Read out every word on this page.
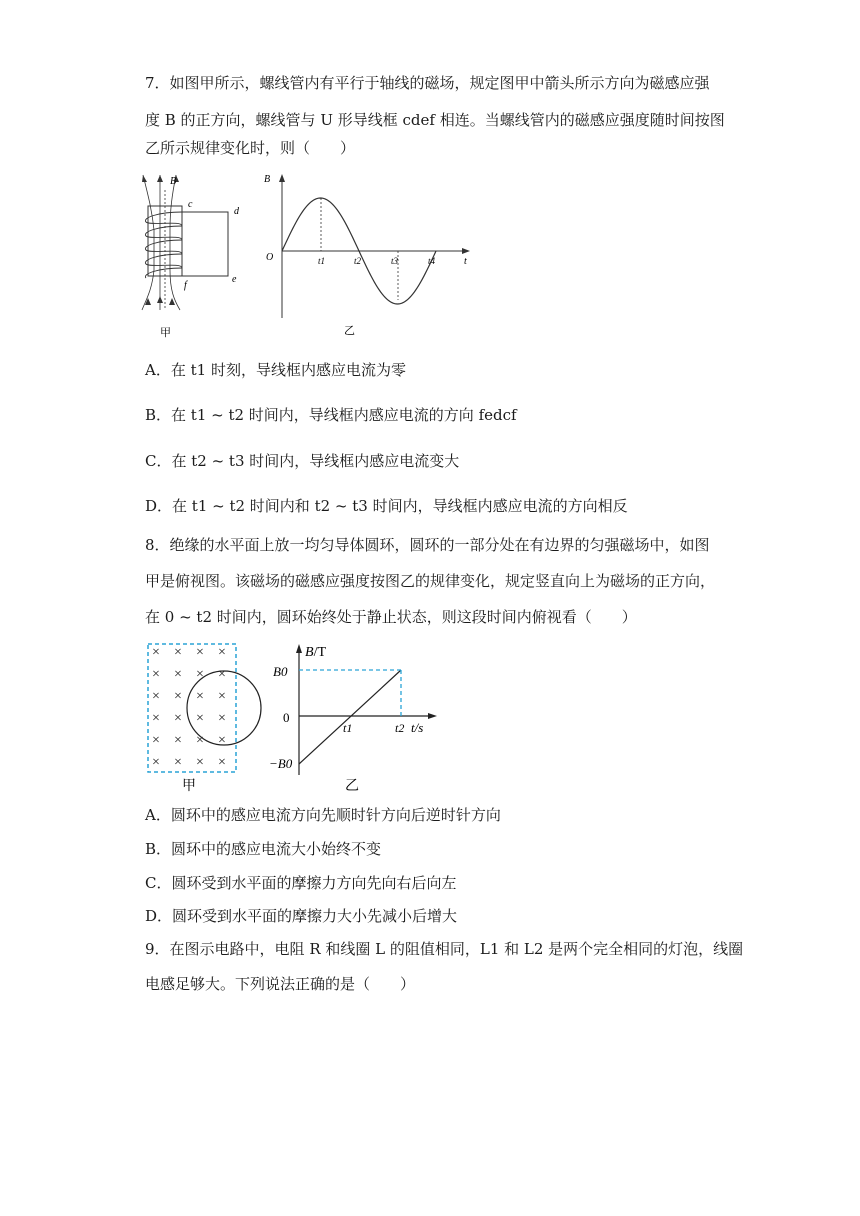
7．如图甲所示，螺线管内有平行于轴线的磁场，规定图甲中箭头所示方向为磁感应强
度 B 的正方向，螺线管与 U 形导线框 cdef 相连。当螺线管内的磁感应强度随时间按图
乙所示规律变化时，则（　　）
B
c
d
e
f
甲
B
t
O	t1	t2	t3	t4
乙
A．在 t1 时刻，导线框内感应电流为零
B．在 t1 ~ t2 时间内，导线框内感应电流的方向 fedcf
C．在 t2 ~ t3 时间内，导线框内感应电流变大
D．在 t1 ~ t2 时间内和 t2 ~ t3 时间内，导线框内感应电流的方向相反
8．绝缘的水平面上放一均匀导体圆环，圆环的一部分处在有边界的匀强磁场中，如图
甲是俯视图。该磁场的磁感应强度按图乙的规律变化，规定竖直向上为磁场的正方向，
在 0 ~ t2 时间内，圆环始终处于静止状态，则这段时间内俯视看（　　）
× × × ×
× × × ×
× × × ×
× × × ×
× × × ×
× × × ×
甲
B/T
B0
0
−B0
t1	t2 t/s
乙
A．圆环中的感应电流方向先顺时针方向后逆时针方向
B．圆环中的感应电流大小始终不变
C．圆环受到水平面的摩擦力方向先向右后向左
D．圆环受到水平面的摩擦力大小先减小后增大
9．在图示电路中，电阻 R 和线圈 L 的阻值相同，L1 和 L2 是两个完全相同的灯泡，线圈
电感足够大。下列说法正确的是（　　）
